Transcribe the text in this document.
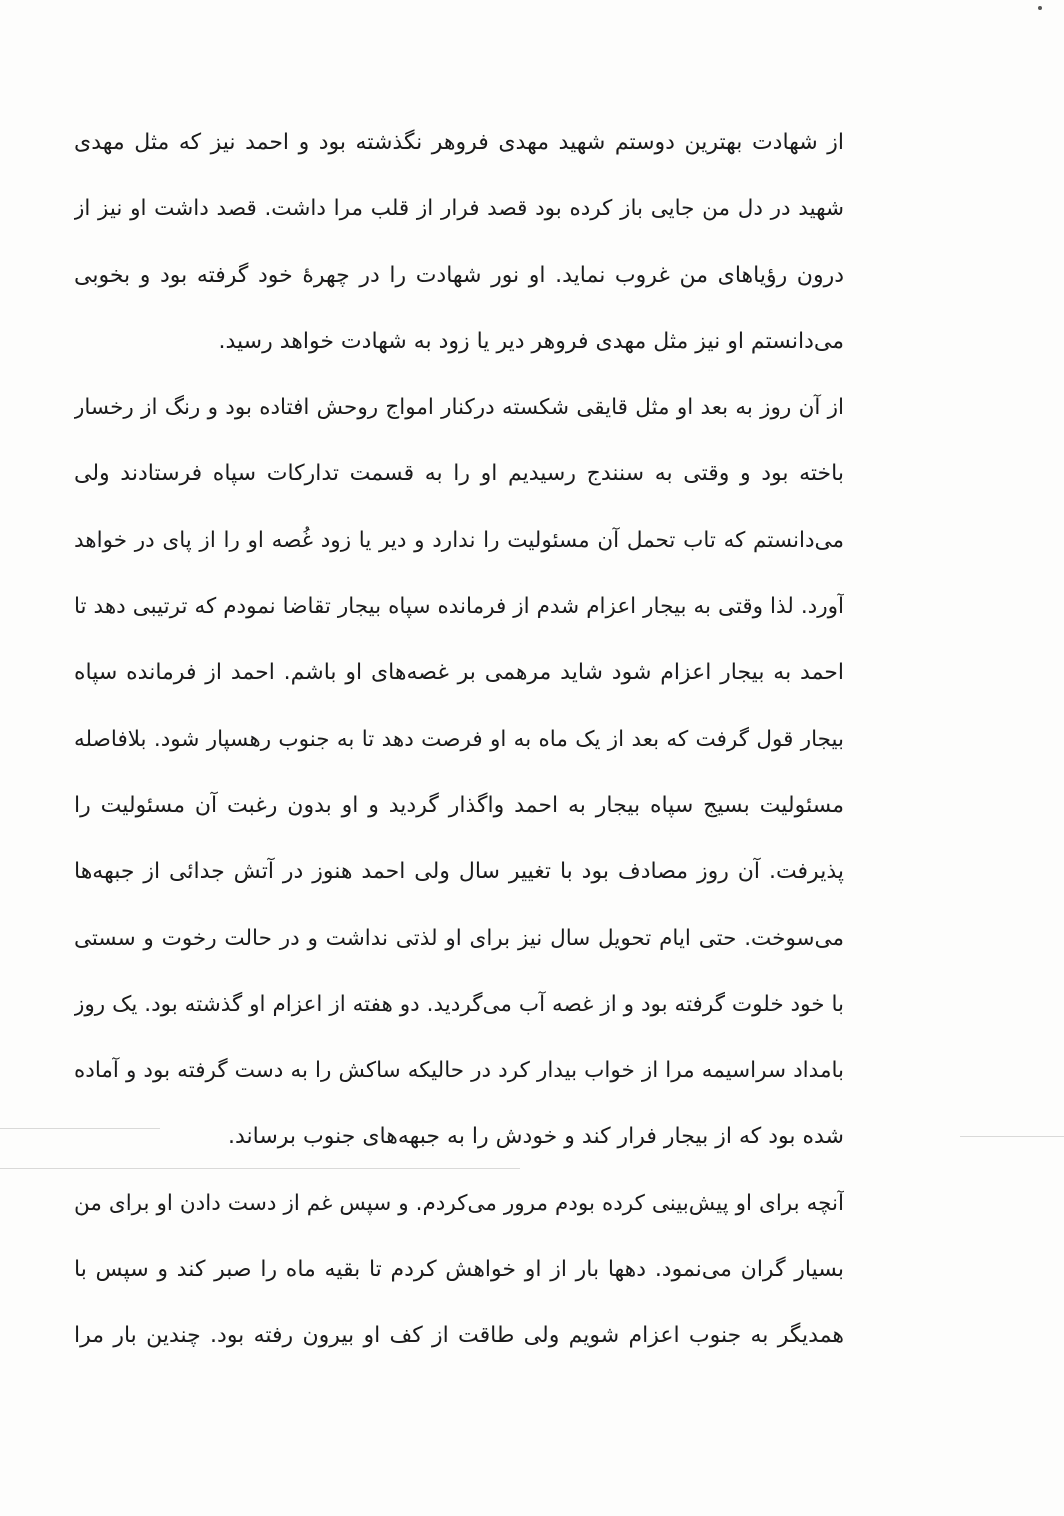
از شهادت بهترین دوستم شهید مهدی فروهر نگذشته بود و احمد نیز که مثل مهدی
شهید در دل من جایی باز کرده بود قصد فرار از قلب مرا داشت. قصد داشت او نیز از
درون رؤیاهای من غروب نماید. او نور شهادت را در چهرهٔ خود گرفته بود و بخوبی
می‌دانستم او نیز مثل مهدی فروهر دیر یا زود به شهادت خواهد رسید.
از آن روز به بعد او مثل قایقی شکسته درکنار امواج روحش افتاده بود و رنگ از رخسار
باخته بود و وقتی به سنندج رسیدیم او را به قسمت تدارکات سپاه فرستادند ولی
می‌دانستم که تاب تحمل آن مسئولیت را ندارد و دیر یا زود غُصه او را از پای در خواهد
آورد. لذا وقتی به بیجار اعزام شدم از فرمانده سپاه بیجار تقاضا نمودم که ترتیبی دهد تا
احمد به بیجار اعزام شود شاید مرهمی بر غصه‌های او باشم. احمد از فرمانده سپاه
بیجار قول گرفت که بعد از یک ماه به او فرصت دهد تا به جنوب رهسپار شود. بلافاصله
مسئولیت بسیج سپاه بیجار به احمد واگذار گردید و او بدون رغبت آن مسئولیت را
پذیرفت. آن روز مصادف بود با تغییر سال ولی احمد هنوز در آتش جدائی از جبهه‌ها
می‌سوخت. حتی ایام تحویل سال نیز برای او لذتی نداشت و در حالت رخوت و سستی
با خود خلوت گرفته بود و از غصه آب می‌گردید. دو هفته از اعزام او گذشته بود. یک روز
بامداد سراسیمه مرا از خواب بیدار کرد در حالیکه ساکش را به دست گرفته بود و آماده
شده بود که از بیجار فرار کند و خودش را به جبهه‌های جنوب برساند.
آنچه برای او پیش‌بینی کرده بودم مرور می‌کردم. و سپس غم از دست دادن او برای من
بسیار گران می‌نمود. دهها بار از او خواهش کردم تا بقیه ماه را صبر کند و سپس با
همدیگر به جنوب اعزام شویم ولی طاقت از کف او بیرون رفته بود. چندین بار مرا
